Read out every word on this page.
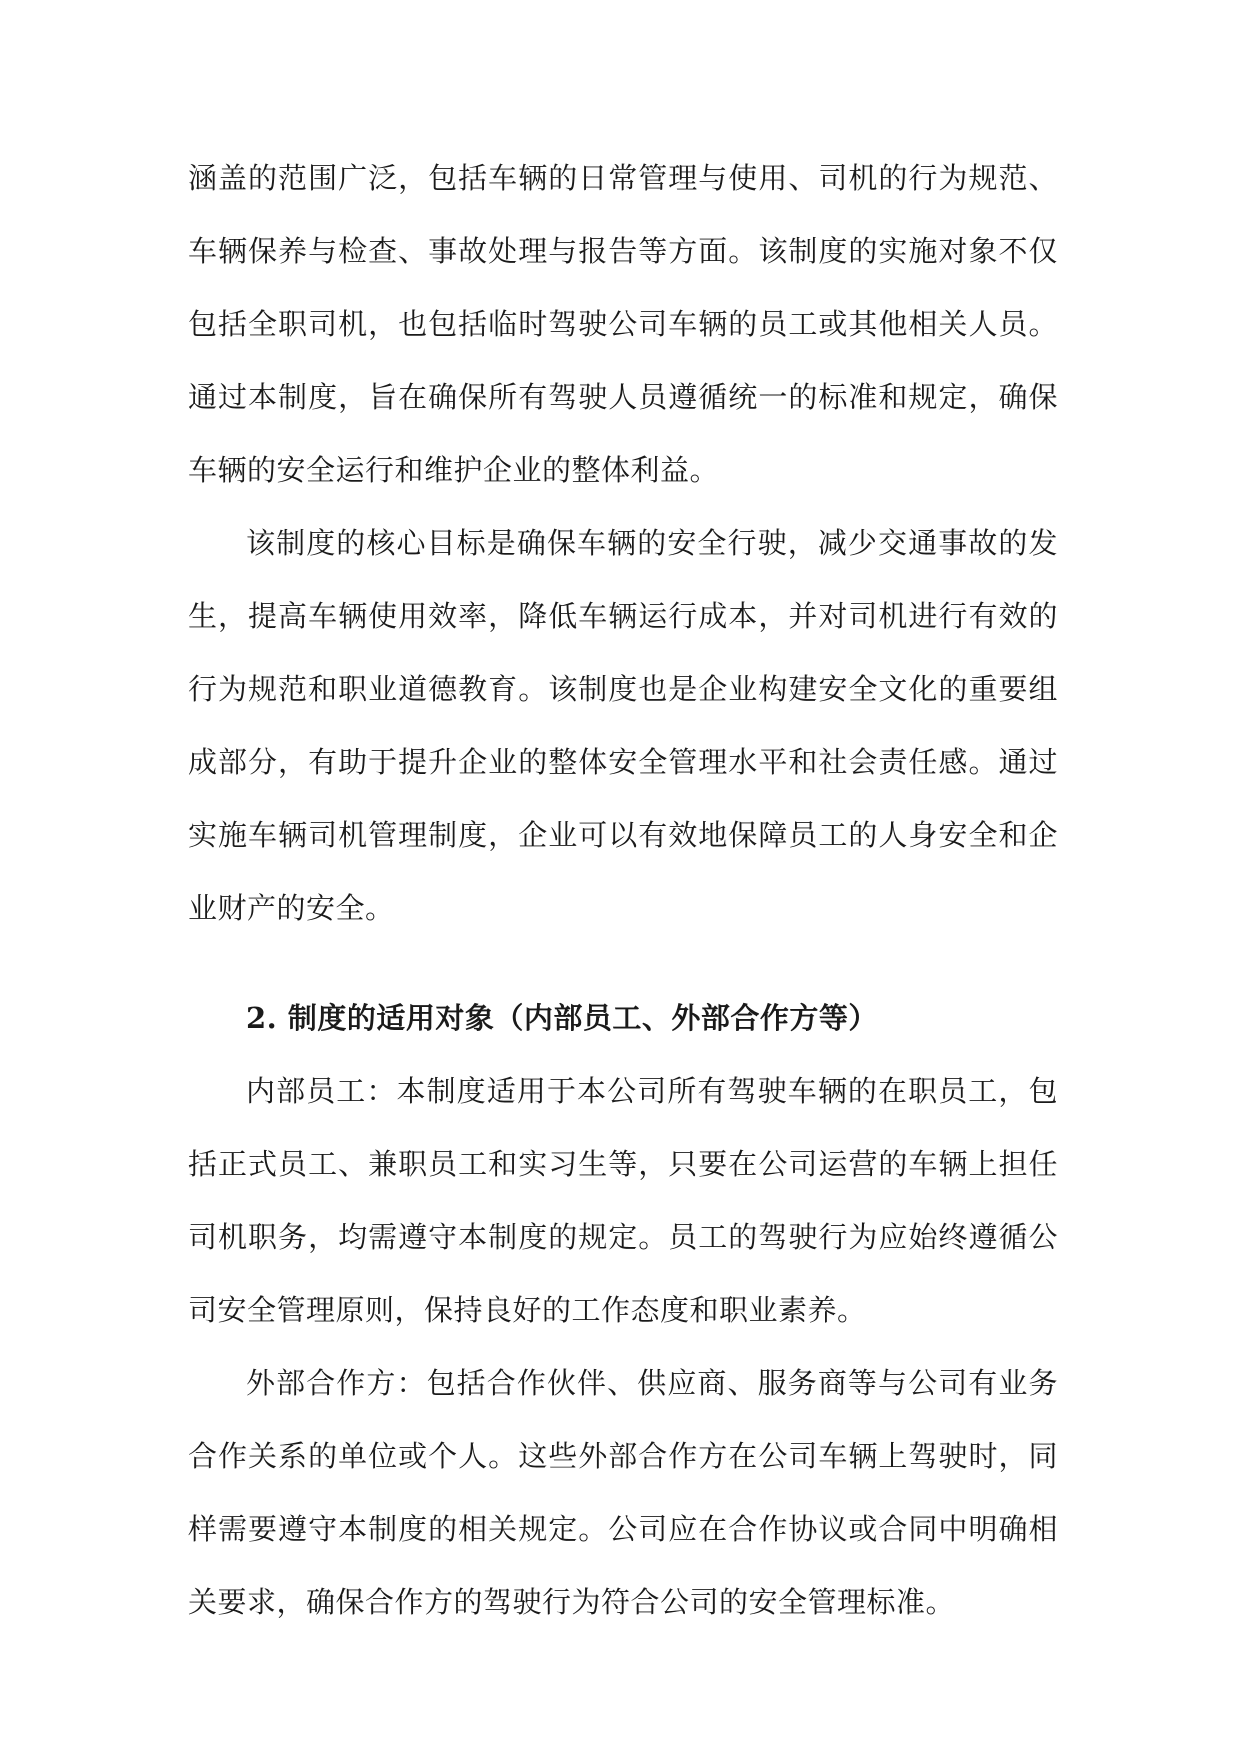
涵盖的范围广泛，包括车辆的日常管理与使用、司机的行为规范、车辆保养与检查、事故处理与报告等方面。该制度的实施对象不仅包括全职司机，也包括临时驾驶公司车辆的员工或其他相关人员。通过本制度，旨在确保所有驾驶人员遵循统一的标准和规定，确保车辆的安全运行和维护企业的整体利益。

该制度的核心目标是确保车辆的安全行驶，减少交通事故的发生，提高车辆使用效率，降低车辆运行成本，并对司机进行有效的行为规范和职业道德教育。该制度也是企业构建安全文化的重要组成部分，有助于提升企业的整体安全管理水平和社会责任感。通过实施车辆司机管理制度，企业可以有效地保障员工的人身安全和企业财产的安全。

2. 制度的适用对象（内部员工、外部合作方等）

内部员工：本制度适用于本公司所有驾驶车辆的在职员工，包括正式员工、兼职员工和实习生等，只要在公司运营的车辆上担任司机职务，均需遵守本制度的规定。员工的驾驶行为应始终遵循公司安全管理原则，保持良好的工作态度和职业素养。

外部合作方：包括合作伙伴、供应商、服务商等与公司有业务合作关系的单位或个人。这些外部合作方在公司车辆上驾驶时，同样需要遵守本制度的相关规定。公司应在合作协议或合同中明确相关要求，确保合作方的驾驶行为符合公司的安全管理标准。
